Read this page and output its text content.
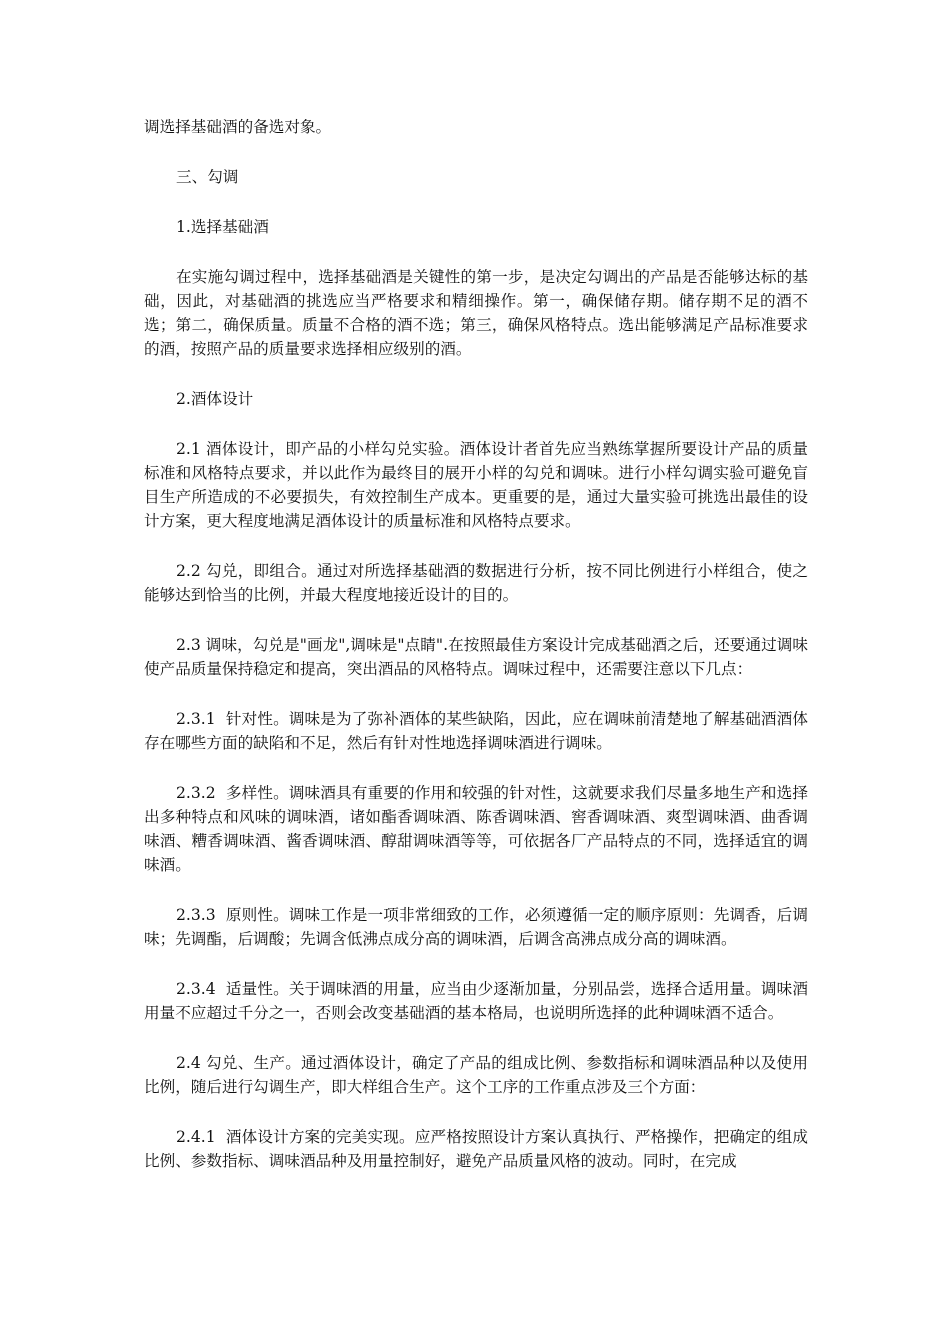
调选择基础酒的备选对象。

三、勾调

1.选择基础酒

在实施勾调过程中，选择基础酒是关键性的第一步，是决定勾调出的产品是否能够达标的基础，因此，对基础酒的挑选应当严格要求和精细操作。第一，确保储存期。储存期不足的酒不选；第二，确保质量。质量不合格的酒不选；第三，确保风格特点。选出能够满足产品标准要求的酒，按照产品的质量要求选择相应级别的酒。

2.酒体设计

2.1 酒体设计，即产品的小样勾兑实验。酒体设计者首先应当熟练掌握所要设计产品的质量标准和风格特点要求，并以此作为最终目的展开小样的勾兑和调味。进行小样勾调实验可避免盲目生产所造成的不必要损失，有效控制生产成本。更重要的是，通过大量实验可挑选出最佳的设计方案，更大程度地满足酒体设计的质量标准和风格特点要求。

2.2 勾兑，即组合。通过对所选择基础酒的数据进行分析，按不同比例进行小样组合，使之能够达到恰当的比例，并最大程度地接近设计的目的。

2.3 调味，勾兑是"画龙",调味是"点睛".在按照最佳方案设计完成基础酒之后，还要通过调味使产品质量保持稳定和提高，突出酒品的风格特点。调味过程中，还需要注意以下几点：

2.3.1  针对性。调味是为了弥补酒体的某些缺陷，因此，应在调味前清楚地了解基础酒酒体存在哪些方面的缺陷和不足，然后有针对性地选择调味酒进行调味。

2.3.2  多样性。调味酒具有重要的作用和较强的针对性，这就要求我们尽量多地生产和选择出多种特点和风味的调味酒，诸如酯香调味酒、陈香调味酒、窖香调味酒、爽型调味酒、曲香调味酒、糟香调味酒、酱香调味酒、醇甜调味酒等等，可依据各厂产品特点的不同，选择适宜的调味酒。

2.3.3  原则性。调味工作是一项非常细致的工作，必须遵循一定的顺序原则：先调香，后调味；先调酯，后调酸；先调含低沸点成分高的调味酒，后调含高沸点成分高的调味酒。

2.3.4  适量性。关于调味酒的用量，应当由少逐渐加量，分别品尝，选择合适用量。调味酒用量不应超过千分之一，否则会改变基础酒的基本格局，也说明所选择的此种调味酒不适合。

2.4 勾兑、生产。通过酒体设计，确定了产品的组成比例、参数指标和调味酒品种以及使用比例，随后进行勾调生产，即大样组合生产。这个工序的工作重点涉及三个方面：

2.4.1  酒体设计方案的完美实现。应严格按照设计方案认真执行、严格操作，把确定的组成比例、参数指标、调味酒品种及用量控制好，避免产品质量风格的波动。同时，在完成
